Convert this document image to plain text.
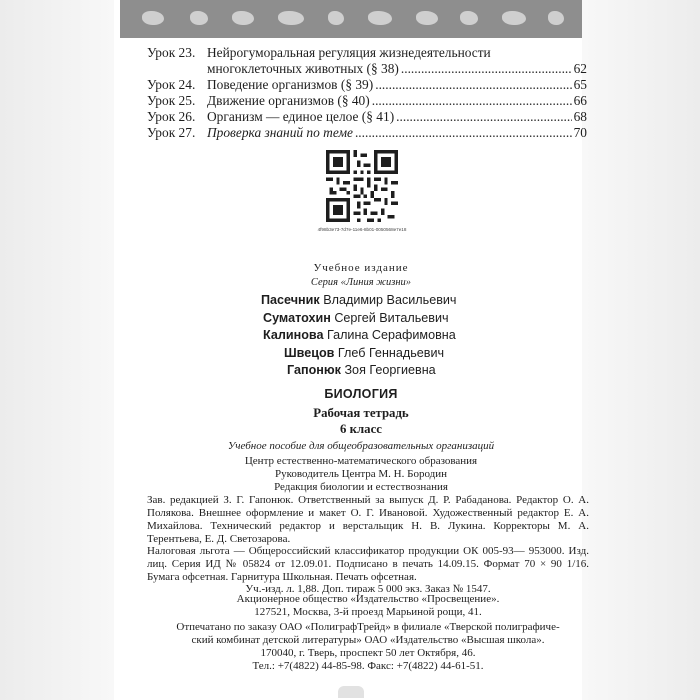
Урок 23. Нейрогуморальная регуляция жизнедеятельности
многоклеточных животных (§ 38) .....	62
Урок 24. Поведение организмов (§ 39) .....	65
Урок 25. Движение организмов (§ 40) .....	66
Урок 26. Организм — единое целое (§ 41) .....	68
Урок 27. Проверка знаний по теме .....	70
4f98b3e73-7d7e-11e6-8b01-0050568e7e18
Учебное издание
Серия «Линия жизни»
Пасечник Владимир Васильевич
Суматохин Сергей Витальевич
Калинова Галина Серафимовна
Швецов Глеб Геннадьевич
Гапонюк Зоя Георгиевна
БИОЛОГИЯ
Рабочая тетрадь
6 класс
Учебное пособие для общеобразовательных организаций
Центр естественно-математического образования
Руководитель Центра М. Н. Бородин
Редакция биологии и естествознания
Зав. редакцией З. Г. Гапонюк. Ответственный за выпуск Д. Р. Рабаданова. Редактор О. А. Полякова. Внешнее оформление и макет О. Г. Ивановой. Художественный редактор Е. А. Михайлова. Технический редактор и верстальщик Н. В. Лукина. Корректоры М. А. Терентьева, Е. Д. Светозарова.
Налоговая льгота — Общероссийский классификатор продукции ОК 005-93— 953000. Изд. лиц. Серия ИД № 05824 от 12.09.01. Подписано в печать 14.09.15. Формат 70 × 90 1/16. Бумага офсетная. Гарнитура Школьная. Печать офсетная.
Уч.-изд. л. 1,88. Доп. тираж 5 000 экз. Заказ № 1547.
Акционерное общество «Издательство «Просвещение».
127521, Москва, 3-й проезд Марьиной рощи, 41.
Отпечатано по заказу ОАО «ПолиграфТрейд» в филиале «Тверской полиграфиче-
ский комбинат детской литературы» ОАО «Издательство «Высшая школа».
170040, г. Тверь, проспект 50 лет Октября, 46.
Тел.: +7(4822) 44-85-98. Факс: +7(4822) 44-61-51.
